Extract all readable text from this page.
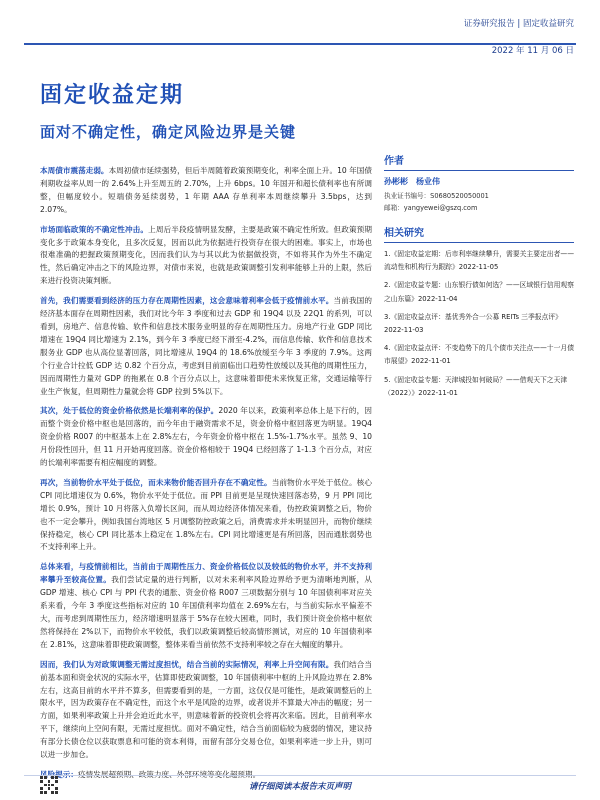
证券研究报告 | 固定收益研究
2022 年 11 月 06 日
固定收益定期
面对不确定性，确定风险边界是关键

本周债市震荡走弱。本周初债市延续强势，但后半周随着政策预期变化，利率全面上升。10 年国债利期收益率从周一的 2.64%上升至周五的 2.70%，上升 6bps。10 年国开和超长债利率也有所调整，但幅度较小。短端债务延续弱势，1 年期 AAA 存单利率本周继续攀升 3.5bps，达到 2.07%。

市场面临政策的不确定性冲击。上周后半段疫情明显发酵，主要是政策不确定性所致。但政策预期变化多于政策本身变化，且多次反复，因而以此为依据进行投资存在很大的困难。事实上，市场也很难准确的把握政策预期变化，因而我们认为与其以此为依据做投资，不如将其作为外生不确定性，然后确定冲击之下的风险边界，对债市来说，也就是政策调整引发利率能够上升的上限，然后来进行投资决策判断。

首先，我们需要看到经济的压力存在周期性因素，这会意味着利率会低于疫情前水平。当前我国的经济基本面存在周期性因素，我们对比今年 3 季度和过去 GDP 和 19Q4 以及 22Q1 的系列，可以看到，房地产、信息传输、软件和信息技术服务业明显的存在周期性压力。房地产行业 GDP 同比增速在 19Q4 同比增速为 2.1%，到今年 3 季度已经下滑至-4.2%，而信息传输、软件和信息技术服务业 GDP 也从高位显著回落，同比增速从 19Q4 的 18.6%放缓至今年 3 季度的 7.9%。这两个行业合计拉低 GDP 达 0.82 个百分点，考虑到目前面临出口趋势性放缓以及其他的周期性压力，因而周期性力量对 GDP 的拖累在 0.8 个百分点以上，这意味着即使未来恢复正常，交通运输等行业生产恢复，但周期性力量就会将 GDP 拉到 5%以下。

其次，处于低位的资金价格依然是长端利率的保护。2020 年以来，政策利率总体上是下行的，因而整个资金价格中枢也是回落的，而今年由于融资需求不足，资金价格中枢回落更为明显。19Q4 资金价格 R007 的中枢基本上在 2.8%左右，今年资金价格中枢在 1.5%-1.7%水平。虽然 9、10 月份段性回升，但 11 月开始再度回落。资金价格相较于 19Q4 已经回落了 1-1.3 个百分点，对应的长端利率需要有相应幅度的调整。

再次，当前物价水平处于低位，而未来物价能否回升存在不确定性。当前物价水平处于低位。核心 CPI 同比增速仅为 0.6%，物价水平处于低位。而 PPI 目前更是呈现快速回落态势，9 月 PPI 同比增长 0.9%，预计 10 月将落入负增长区间，而从周边经济体情况来看，伪控政策调整之后，物价也不一定会攀升，例如我国台湾地区 5 月调整防控政策之后，消费需求并未明显回升，而物价继续保持稳定，核心 CPI 同比基本上稳定在 1.8%左右。CPI 同比增速更是有所回落，因而通胀弱势也不支持利率上升。

总体来看，与疫情前相比，当前由于周期性压力、资金价格低位以及较低的物价水平，并不支持利率攀升至较高位置。我们尝试定量的进行判断，以对未来利率风险边界给予更为清晰地判断，从 GDP 增速、核心 CPI 与 PPI 代表的通胀、资金价格 R007 三项数据分别与 10 年国债利率对应关系来看，今年 3 季度这些指标对应的 10 年国债利率均值在 2.69%左右，与当前实际水平偏差不大，而考虑到周期性压力，经济增速明显落于 5%存在较大困难，同时，我们预计资金价格中枢依然将保持在 2%以下，而物价水平较低，我们以政策调整后较高情形测试，对应的 10 年国债利率在 2.81%，这意味着即使政策调整，整体来看当前依然不支持利率较之存在大幅度的攀升。

因而，我们认为对政策调整无需过度担忧，结合当前的实际情况，利率上升空间有限。我们结合当前基本面和资金状况的实际水平，估算即使政策调整，10 年国债利率中枢的上升风险边界在 2.8%左右，这高目前的水平并不算多，但需要看到的是，一方面，这仅仅是可能性，是政策调整后的上限水平，因为政策存在不确定性，而这个水平是风险的边界，或者说并不算最大冲击的幅度；另一方面，如果利率政策上升并会迫近此水平，则意味着新的投资机会将再次来临。因此，目前利率水平下，继续向上空间有限，无需过度担忧。面对不确定性，结合当前面临较为疲弱的情况，建议持有部分长债仓位以获取票息和可能的资本利得，而留有部分交易仓位，如果利率进一步上升，则可以进一步加仓。

作者
孙彬彬 杨业伟
执业证书编号：S0680520050001
邮箱：yangyewei@gszq.com
相关研究
1.《固定收益定期：后市利率继续攀升，需要关主要定出者——流动性和机构行为跟踪》2022-11-05
2.《固定收益专题：山东银行债如何选？——区域银行信用观察之山东篇》2022-11-04
3.《固定收益点评：基优秀外合一公募 REITs 三季报点评》2022-11-03
4.《固定收益点评：不变趋势下的几个债市关注点——十一月债市展望》2022-11-01
5.《固定收益专题：天津城投如何破局？——借观天下之天津（2022）》2022-11-01
请仔细阅读本报告末页声明
